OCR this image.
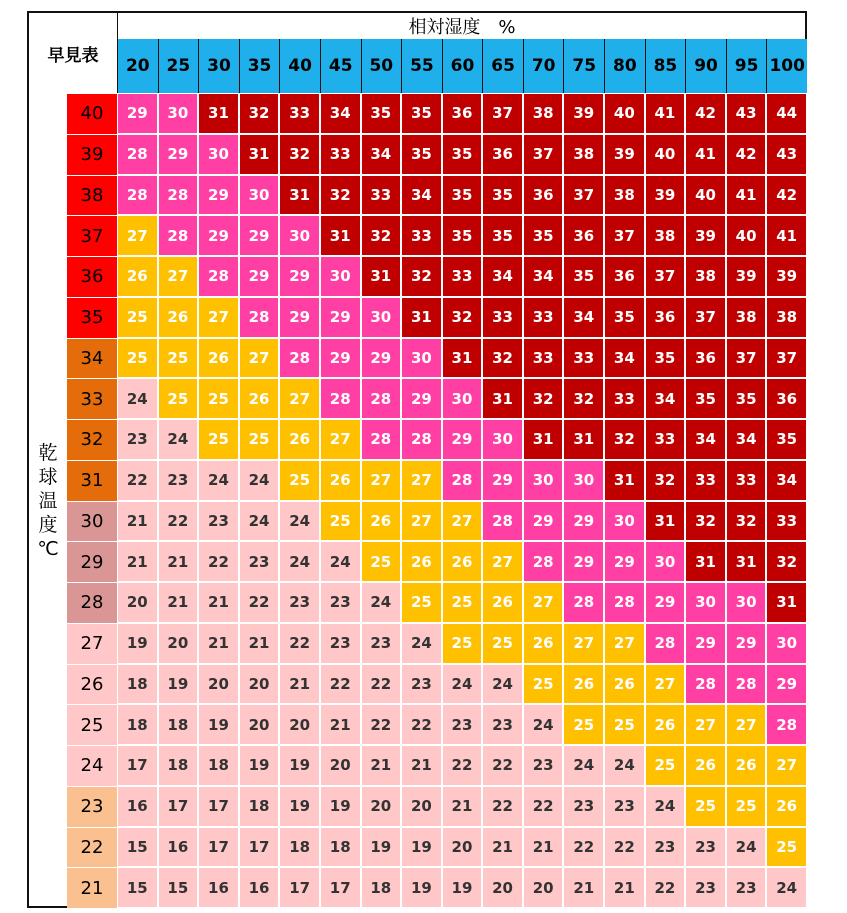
早見表
相対湿度　%
乾
球
温
度
℃
20 25 30 35 40 45 50 55 60 65 70 75 80 85 90 95 100
40	29	30	31	32	33	34	35	35	36	37	38	39	40	41	42	43	44
39	28	29	30	31	32	33	34	35	35	36	37	38	39	40	41	42	43
38	28	28	29	30	31	32	33	34	35	35	36	37	38	39	40	41	42
37	27	28	29	29	30	31	32	33	35	35	35	36	37	38	39	40	41
36	26	27	28	29	29	30	31	32	33	34	34	35	36	37	38	39	39
35	25	26	27	28	29	29	30	31	32	33	33	34	35	36	37	38	38
34	25	25	26	27	28	29	29	30	31	32	33	33	34	35	36	37	37
33	24	25	25	26	27	28	28	29	30	31	32	32	33	34	35	35	36
32	23	24	25	25	26	27	28	28	29	30	31	31	32	33	34	34	35
31	22	23	24	24	25	26	27	27	28	29	30	30	31	32	33	33	34
30	21	22	23	24	24	25	26	27	27	28	29	29	30	31	32	32	33
29	21	21	22	23	24	24	25	26	26	27	28	29	29	30	31	31	32
28	20	21	21	22	23	23	24	25	25	26	27	28	28	29	30	30	31
27	19	20	21	21	22	23	23	24	25	25	26	27	27	28	29	29	30
26	18	19	20	20	21	22	22	23	24	24	25	26	26	27	28	28	29
25	18	18	19	20	20	21	22	22	23	23	24	25	25	26	27	27	28
24	17	18	18	19	19	20	21	21	22	22	23	24	24	25	26	26	27
23	16	17	17	18	19	19	20	20	21	22	22	23	23	24	25	25	26
22	15	16	17	17	18	18	19	19	20	21	21	22	22	23	23	24	25
21	15	15	16	16	17	17	18	19	19	20	20	21	21	22	23	23	24
